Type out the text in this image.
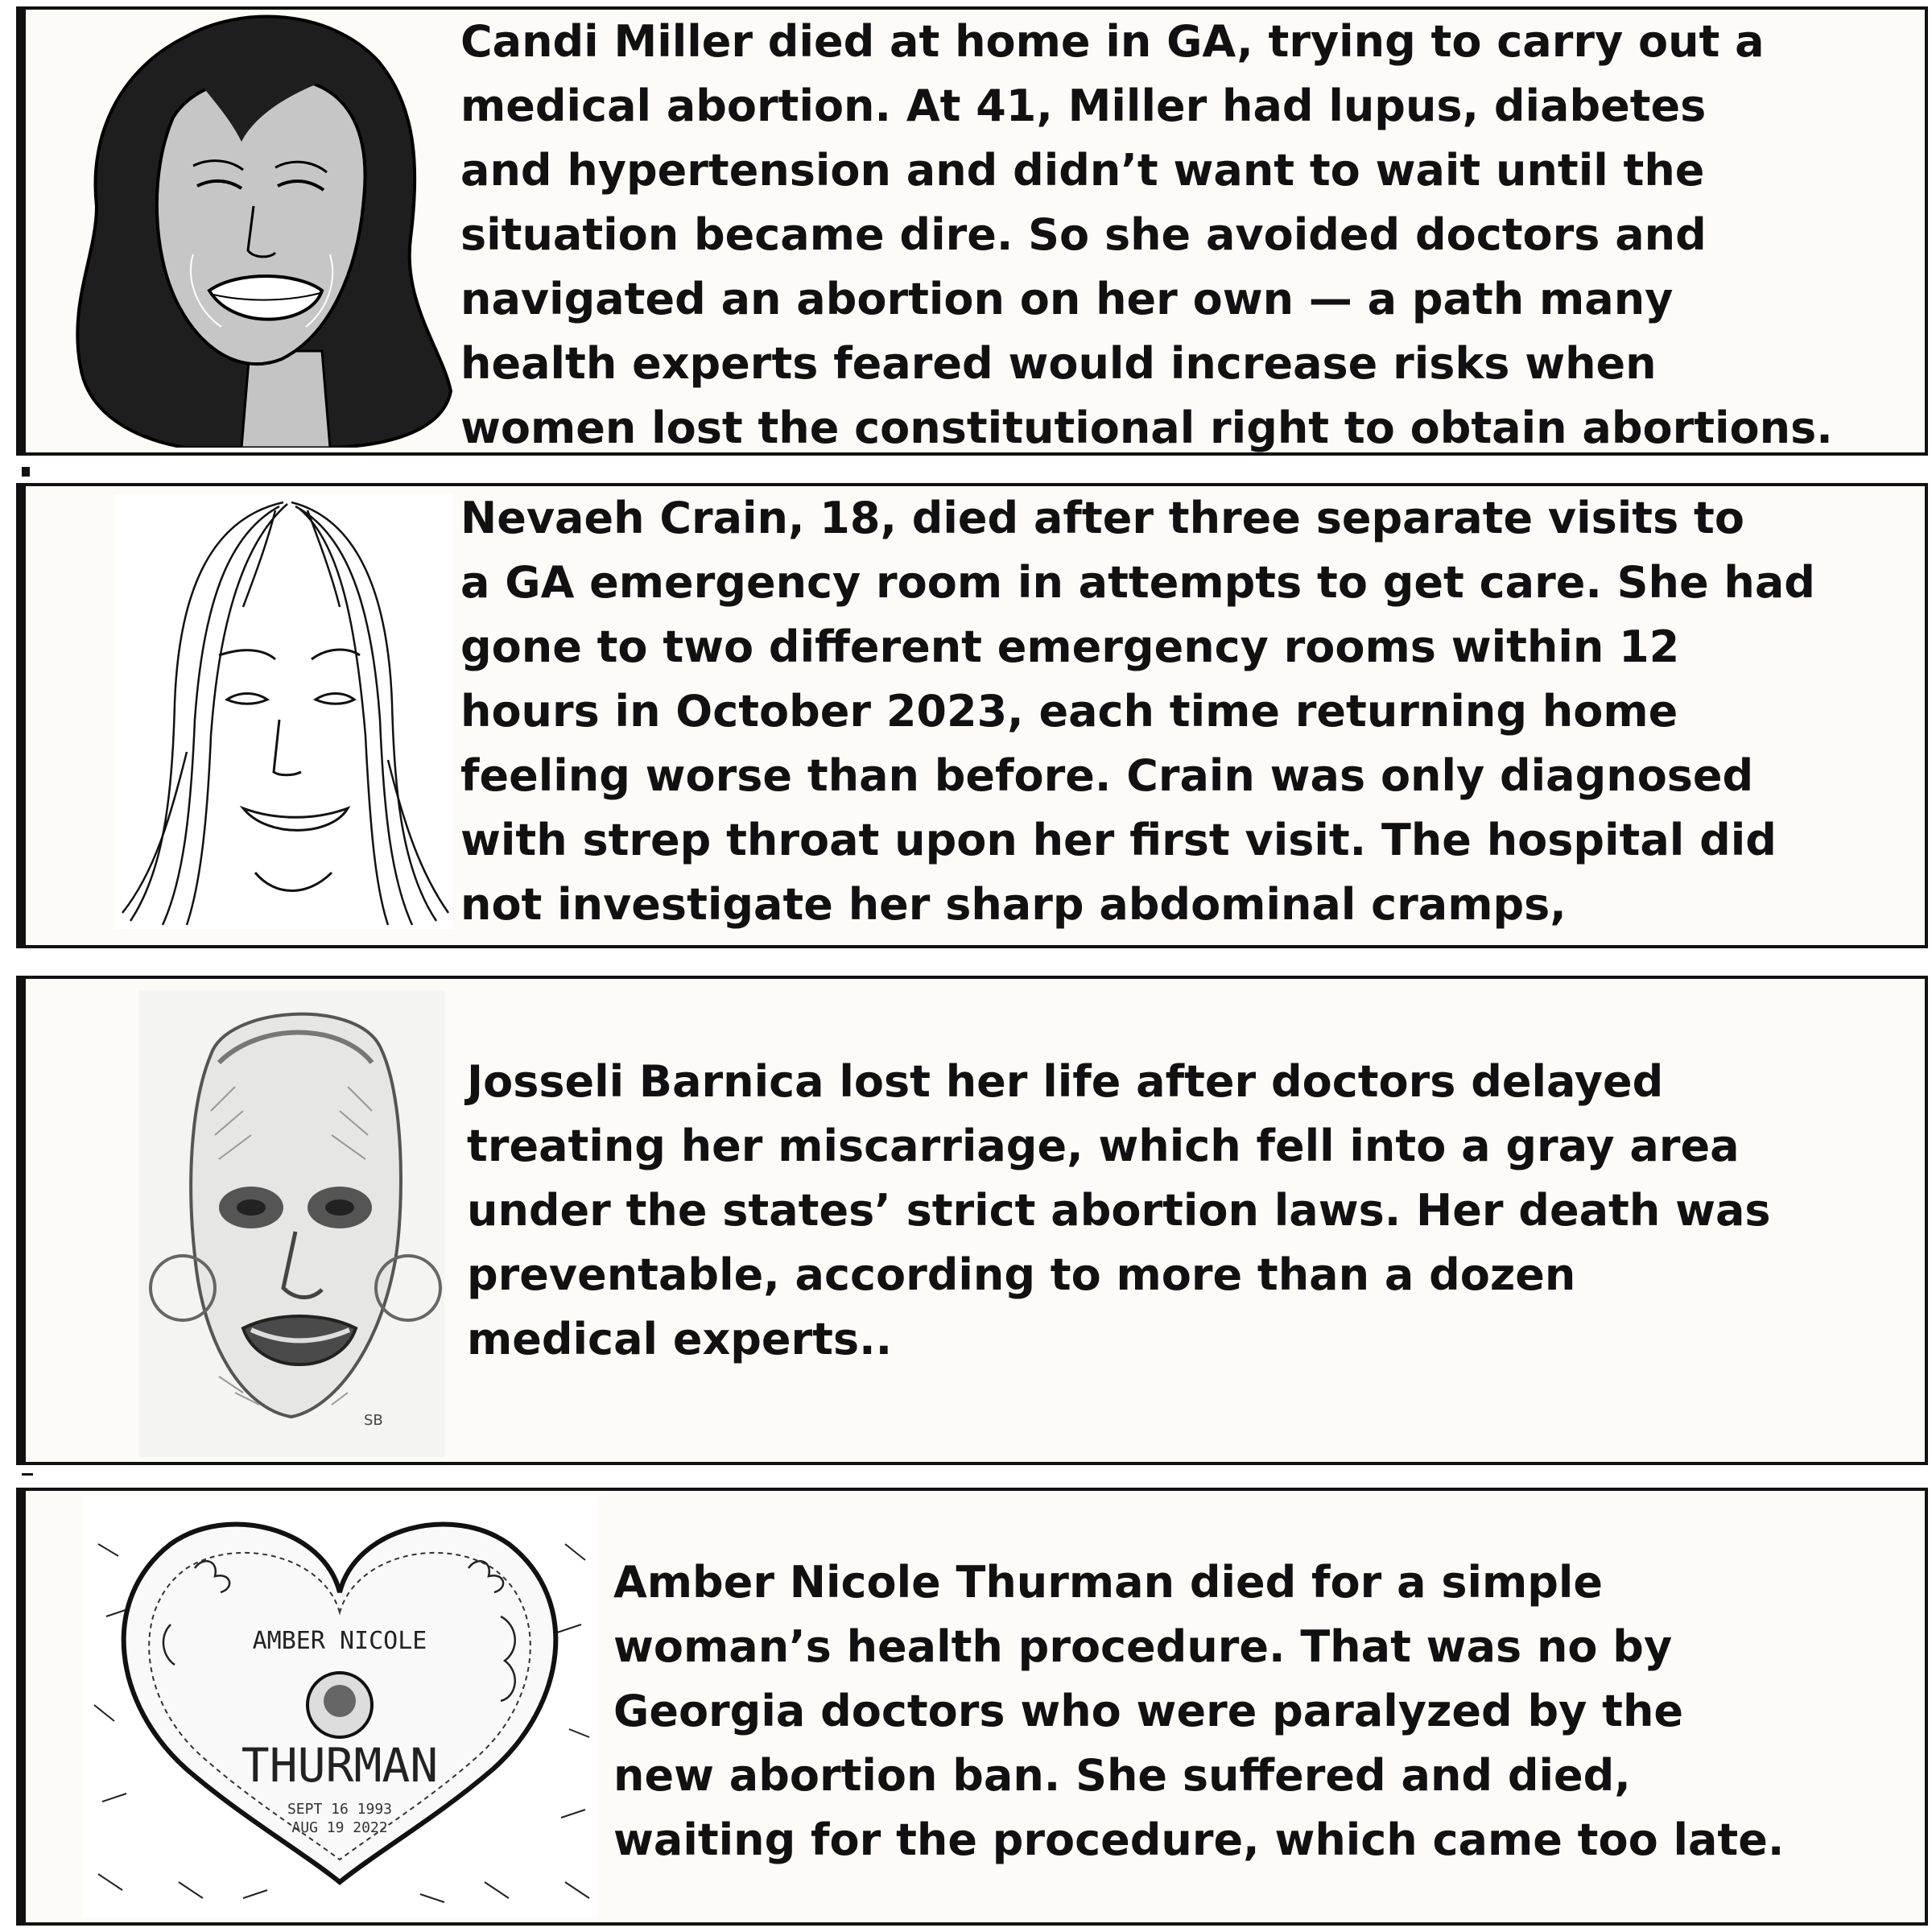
Candi Miller died at home in GA, trying to carry out a
medical abortion. At 41, Miller had lupus, diabetes
and hypertension and didn’t want to wait until the
situation became dire. So she avoided doctors and
navigated an abortion on her own — a path many
health experts feared would increase risks when
women lost the constitutional right to obtain abortions.

Nevaeh Crain, 18, died after three separate visits to
a GA emergency room in attempts to get care. She had
gone to two different emergency rooms within 12
hours in October 2023, each time returning home
feeling worse than before. Crain was only diagnosed
with strep throat upon her first visit. The hospital did
not investigate her sharp abdominal cramps,

SB

Josseli Barnica lost her life after doctors delayed
treating her miscarriage, which fell into a gray area
under the states’ strict abortion laws. Her death was
preventable, according to more than a dozen
medical experts..

AMBER NICOLE
THURMAN
SEPT 16 1993
AUG 19 2022

Amber Nicole Thurman died for a simple
woman’s health procedure. That was no by
Georgia doctors who were paralyzed by the
new abortion ban. She suffered and died,
waiting for the procedure, which came too late.
